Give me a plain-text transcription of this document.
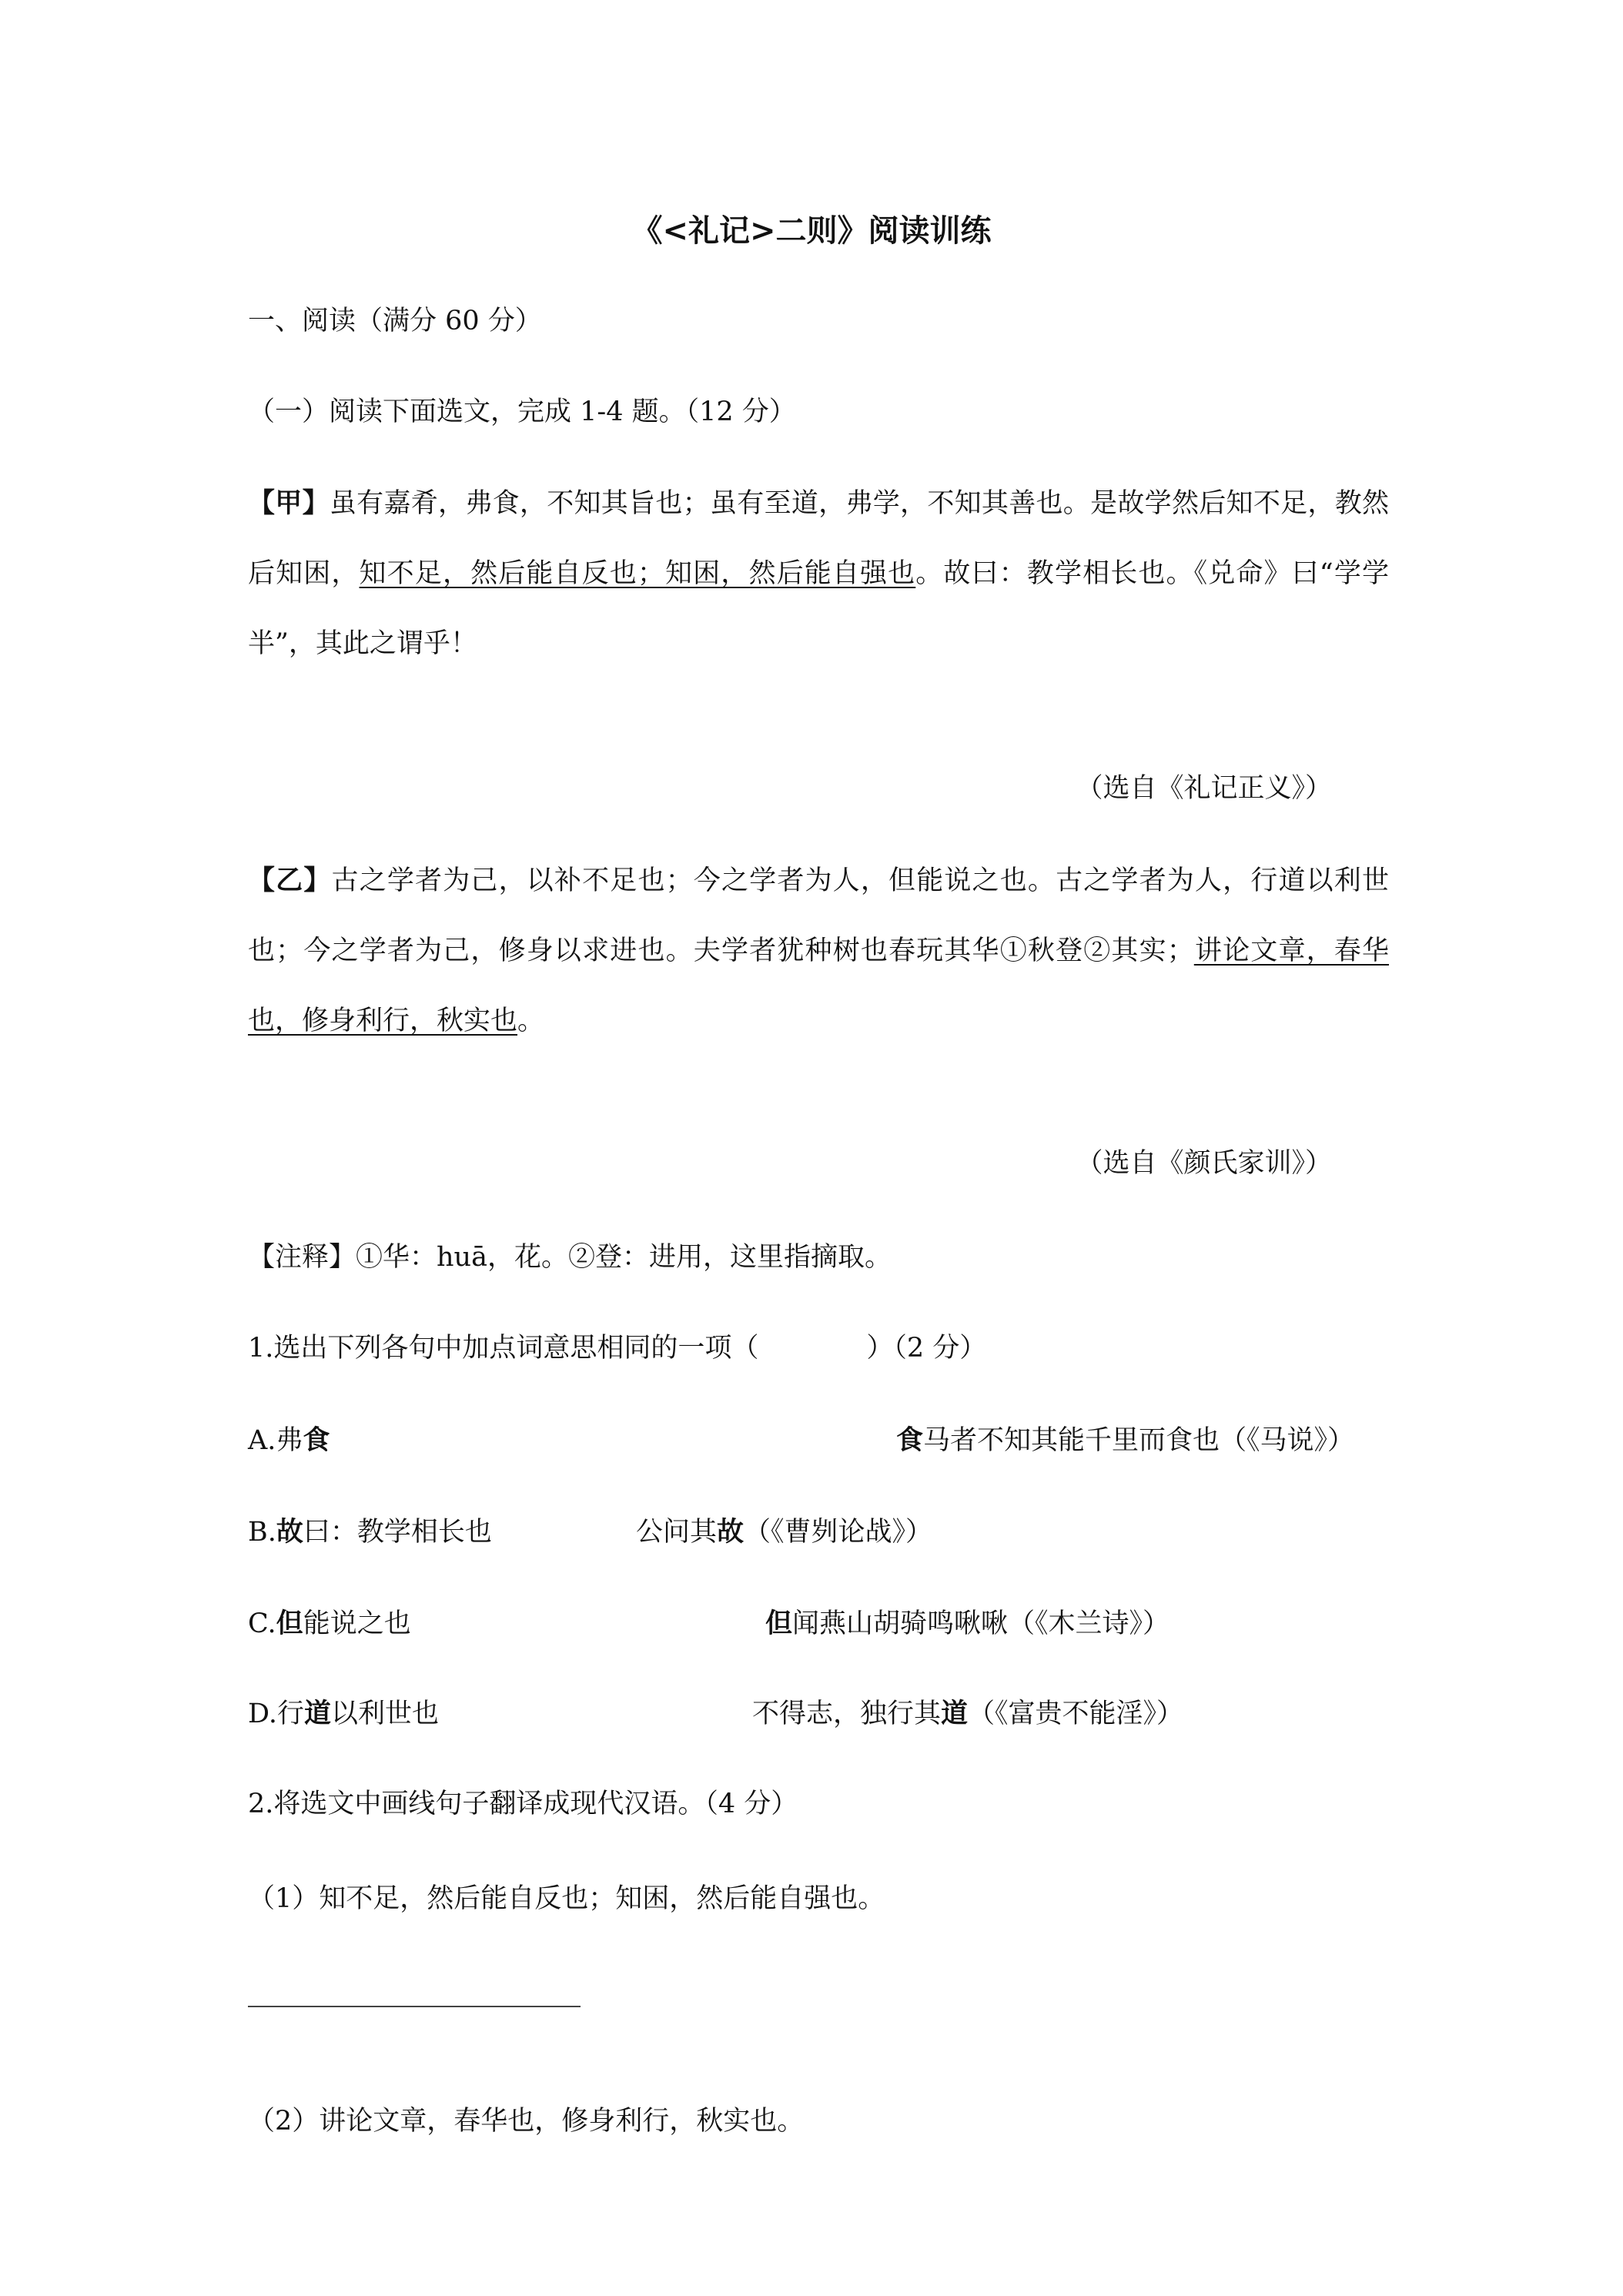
《<礼记>二则》阅读训练
一、阅读（满分 60 分）
（一）阅读下面选文，完成 1-4 题。（12 分）
【甲】虽有嘉肴，弗食，不知其旨也；虽有至道，弗学，不知其善也。是故学然后知不足，教然后知困，知不足，然后能自反也；知困，然后能自强也。故曰：教学相长也。《兑命》曰“学学半”，其此之谓乎！
（选自《礼记正义》）
【乙】古之学者为己，以补不足也；今之学者为人，但能说之也。古之学者为人，行道以利世也；今之学者为己，修身以求进也。夫学者犹种树也春玩其华①秋登②其实；讲论文章，春华也，修身利行，秋实也。
（选自《颜氏家训》）
【注释】①华：huā，花。②登：进用，这里指摘取。
1.选出下列各句中加点词意思相同的一项（　　　　）（2 分）
A.弗食	食马者不知其能千里而食也（《马说》）
B.故曰：教学相长也	公问其故（《曹刿论战》）
C.但能说之也	但闻燕山胡骑鸣啾啾（《木兰诗》）
D.行道以利世也	不得志，独行其道（《富贵不能淫》）
2.将选文中画线句子翻译成现代汉语。（4 分）
（1）知不足，然后能自反也；知困，然后能自强也。
（2）讲论文章，春华也，修身利行，秋实也。
